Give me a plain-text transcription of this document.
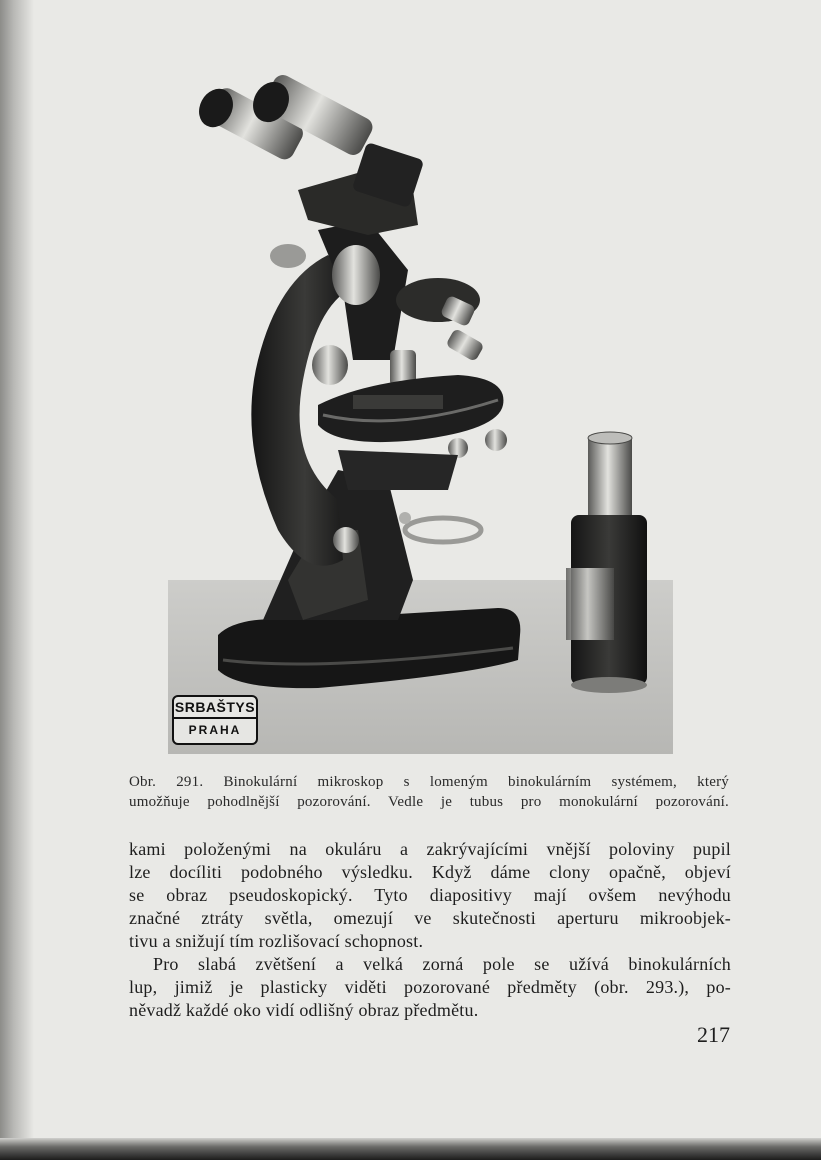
SRBAŠTYS
PRAHA
Obr. 291. Binokulární mikroskop s lomeným binokulárním systémem, který
umožňuje pohodlnější pozorování. Vedle je tubus pro monokulární pozorování.

kami položenými na okuláru a zakrývajícími vnější poloviny pupil

lze docíliti podobného výsledku. Když dáme clony opačně, objeví

se obraz pseudoskopický. Tyto diapositivy mají ovšem nevýhodu

značné ztráty světla, omezují ve skutečnosti aperturu mikroobjek-

tivu a snižují tím rozlišovací schopnost.

Pro slabá zvětšení a velká zorná pole se užívá binokulárních

lup, jimiž je plasticky viděti pozorované předměty (obr. 293.), po-

něvadž každé oko vidí odlišný obraz předmětu.

217
